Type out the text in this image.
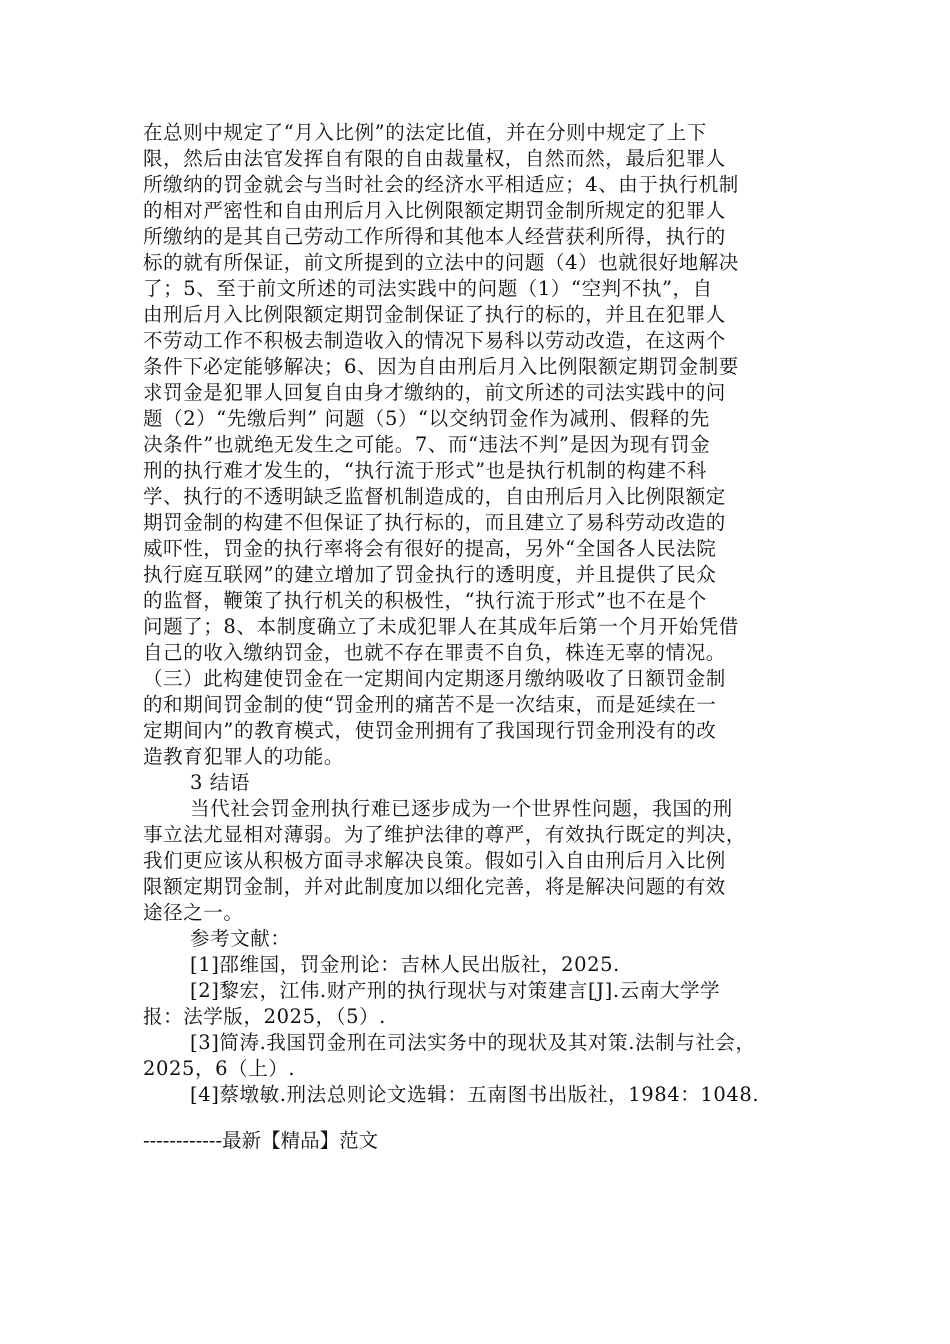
在总则中规定了“月入比例”的法定比值，并在分则中规定了上下
限，然后由法官发挥自有限的自由裁量权，自然而然，最后犯罪人
所缴纳的罚金就会与当时社会的经济水平相适应；4、由于执行机制
的相对严密性和自由刑后月入比例限额定期罚金制所规定的犯罪人
所缴纳的是其自己劳动工作所得和其他本人经营获利所得，执行的
标的就有所保证，前文所提到的立法中的问题（4）也就很好地解决
了；5、至于前文所述的司法实践中的问题（1）“空判不执”，自
由刑后月入比例限额定期罚金制保证了执行的标的，并且在犯罪人
不劳动工作不积极去制造收入的情况下易科以劳动改造，在这两个
条件下必定能够解决；6、因为自由刑后月入比例限额定期罚金制要
求罚金是犯罪人回复自由身才缴纳的，前文所述的司法实践中的问
题（2）“先缴后判” 问题（5）“以交纳罚金作为减刑、假释的先
决条件”也就绝无发生之可能。7、而“违法不判”是因为现有罚金
刑的执行难才发生的，“执行流于形式”也是执行机制的构建不科
学、执行的不透明缺乏监督机制造成的，自由刑后月入比例限额定
期罚金制的构建不但保证了执行标的，而且建立了易科劳动改造的
威吓性，罚金的执行率将会有很好的提高，另外“全国各人民法院
执行庭互联网”的建立增加了罚金执行的透明度，并且提供了民众
的监督，鞭策了执行机关的积极性，“执行流于形式”也不在是个
问题了；8、本制度确立了未成犯罪人在其成年后第一个月开始凭借
自己的收入缴纳罚金，也就不存在罪责不自负，株连无辜的情况。
（三）此构建使罚金在一定期间内定期逐月缴纳吸收了日额罚金制
的和期间罚金制的使“罚金刑的痛苦不是一次结束，而是延续在一
定期间内”的教育模式，使罚金刑拥有了我国现行罚金刑没有的改
造教育犯罪人的功能。
3 结语
当代社会罚金刑执行难已逐步成为一个世界性问题，我国的刑
事立法尤显相对薄弱。为了维护法律的尊严，有效执行既定的判决，
我们更应该从积极方面寻求解决良策。假如引入自由刑后月入比例
限额定期罚金制，并对此制度加以细化完善，将是解决问题的有效
途径之一。
参考文献：
[1]邵维国，罚金刑论：吉林人民出版社，2025.
[2]黎宏，江伟.财产刑的执行现状与对策建言[J].云南大学学
报：法学版，2025，（5）.
[3]简涛.我国罚金刑在司法实务中的现状及其对策.法制与社会，
2025，6（上）.
[4]蔡墩敏.刑法总则论文选辑：五南图书出版社，1984：1048.
------------最新【精品】范文
